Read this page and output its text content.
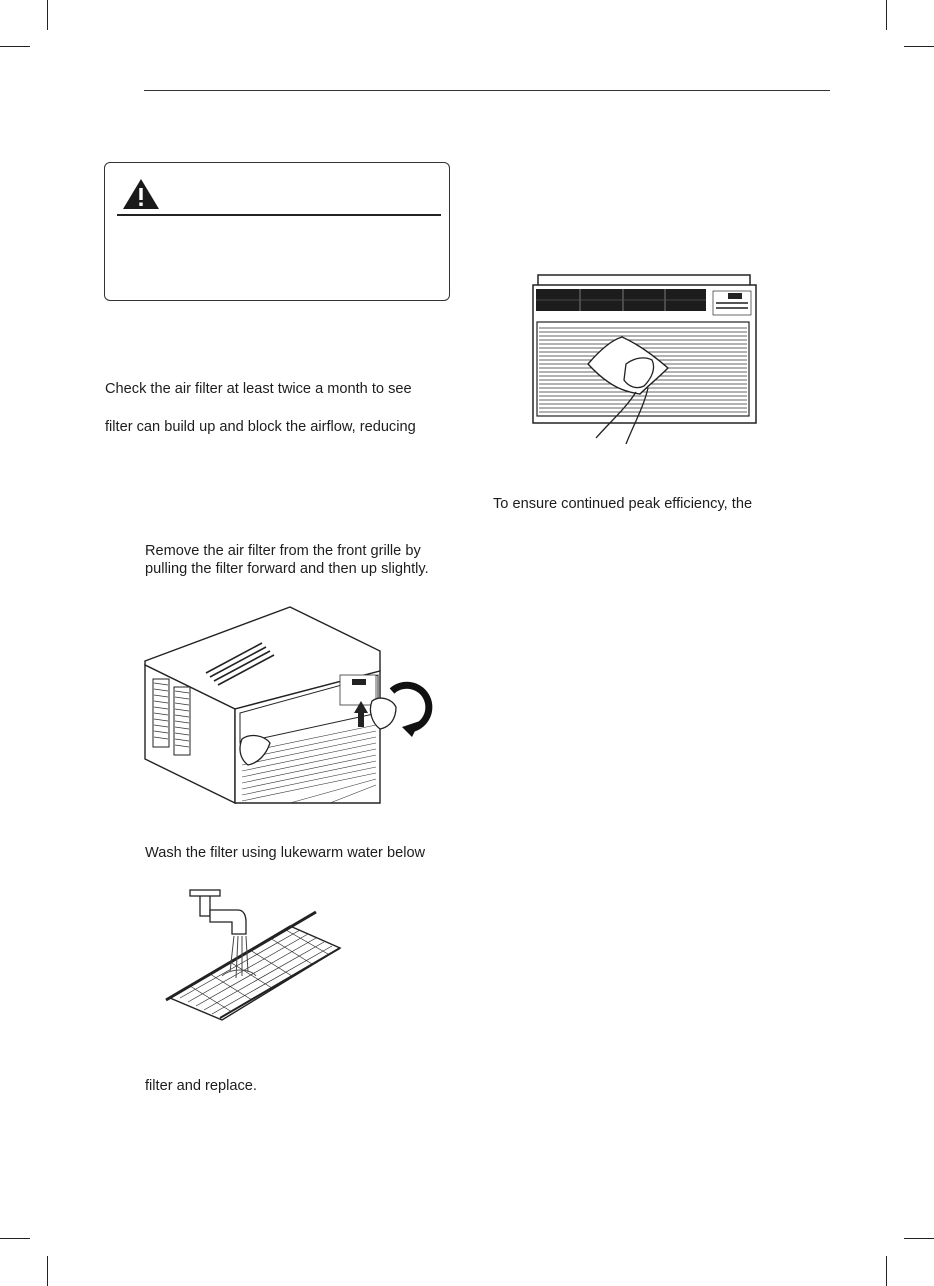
Check the air filter at least twice a month to see
filter can build up and block the airflow, reducing
Remove the air filter from the front grille by
pulling the filter forward and then up slightly.
Wash the filter using lukewarm water below
filter and replace.
To ensure continued peak efficiency, the
